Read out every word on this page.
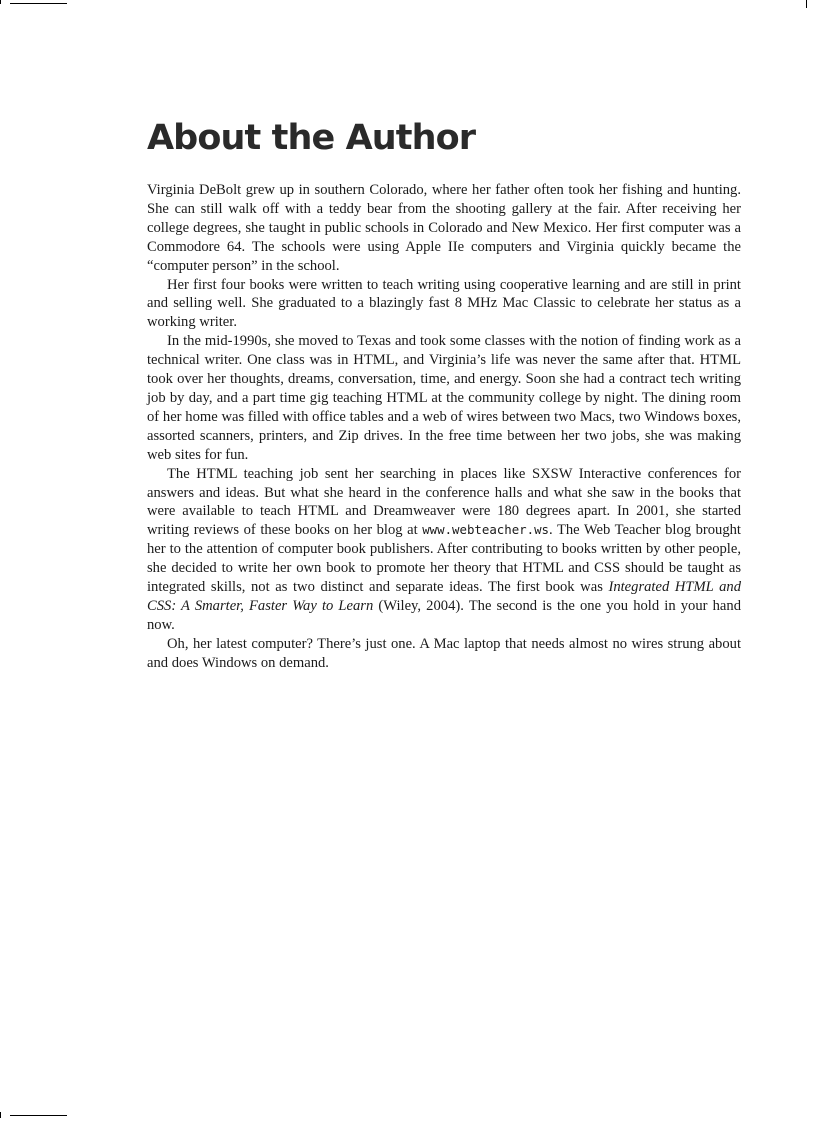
About the Author

Virginia DeBolt grew up in southern Colorado, where her father often took her fishing and hunting. She can still walk off with a teddy bear from the shooting gallery at the fair. After receiving her college degrees, she taught in public schools in Colorado and New Mexico. Her first computer was a Commodore 64. The schools were using Apple IIe computers and Virginia quickly became the “computer person” in the school.

Her first four books were written to teach writing using cooperative learning and are still in print and selling well. She graduated to a blazingly fast 8 MHz Mac Classic to celebrate her status as a working writer.

In the mid-1990s, she moved to Texas and took some classes with the notion of finding work as a technical writer. One class was in HTML, and Virginia’s life was never the same after that. HTML took over her thoughts, dreams, conversation, time, and energy. Soon she had a contract tech writing job by day, and a part time gig teaching HTML at the community college by night. The dining room of her home was filled with office tables and a web of wires between two Macs, two Windows boxes, assorted scanners, printers, and Zip drives. In the free time between her two jobs, she was making web sites for fun.

The HTML teaching job sent her searching in places like SXSW Interactive conferences for answers and ideas. But what she heard in the conference halls and what she saw in the books that were available to teach HTML and Dreamweaver were 180 degrees apart. In 2001, she started writing reviews of these books on her blog at www.webteacher.ws. The Web Teacher blog brought her to the attention of computer book publishers. After contributing to books written by other people, she decided to write her own book to promote her theory that HTML and CSS should be taught as integrated skills, not as two distinct and separate ideas. The first book was Integrated HTML and CSS: A Smarter, Faster Way to Learn (Wiley, 2004). The second is the one you hold in your hand now.

Oh, her latest computer? There’s just one. A Mac laptop that needs almost no wires strung about and does Windows on demand.
